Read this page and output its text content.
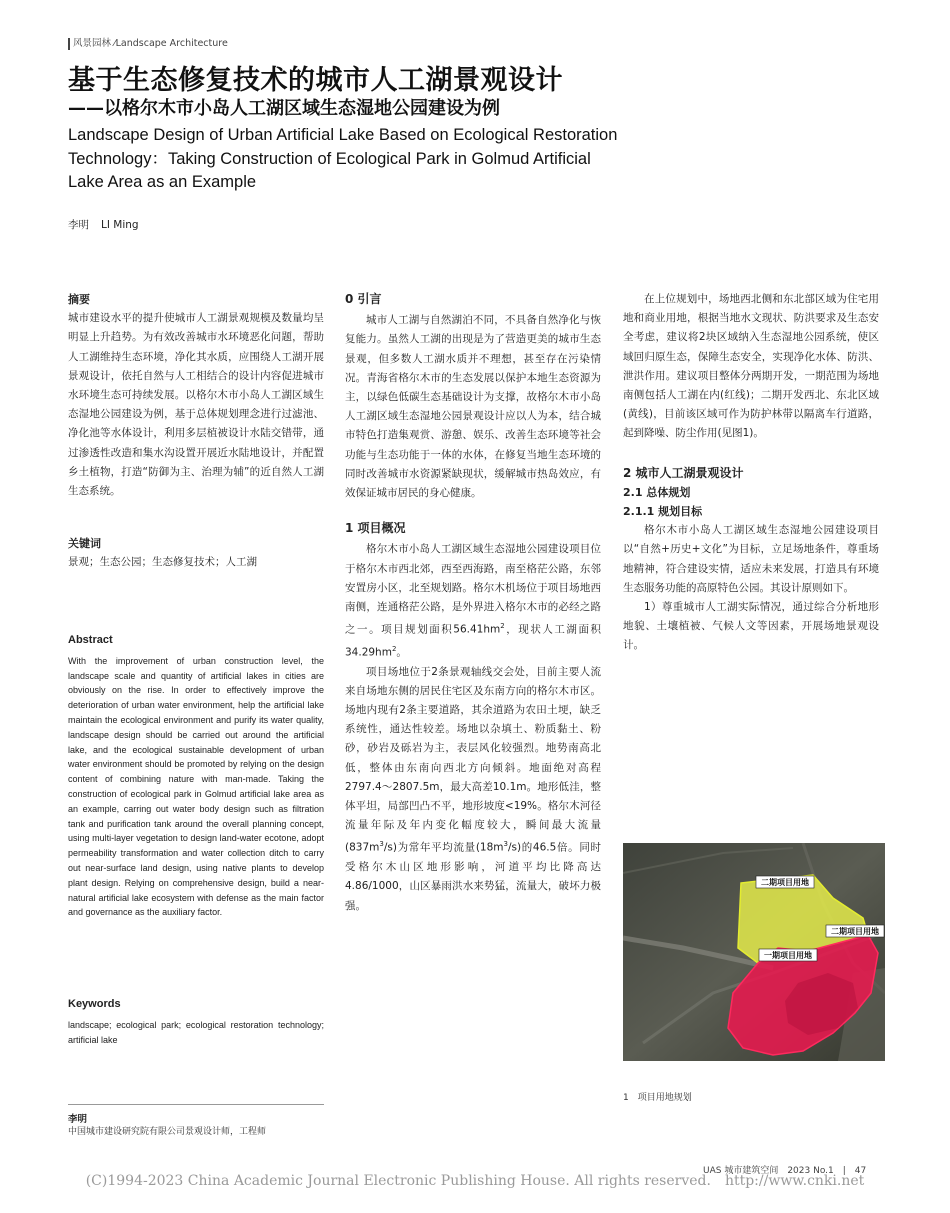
风景园林 ⁄Landscape Architecture
基于生态修复技术的城市人工湖景观设计
——以格尔木市小岛人工湖区域生态湿地公园建设为例
Landscape Design of Urban Artificial Lake Based on Ecological Restoration Technology：Taking Construction of Ecological Park in Golmud Artificial Lake Area as an Example
李明 LI Ming

摘要

城市建设水平的提升使城市人工湖景观规模及数量均呈明显上升趋势。为有效改善城市水环境恶化问题，帮助人工湖维持生态环境，净化其水质，应围绕人工湖开展景观设计，依托自然与人工相结合的设计内容促进城市水环境生态可持续发展。以格尔木市小岛人工湖区域生态湿地公园建设为例，基于总体规划理念进行过滤池、净化池等水体设计，利用多层植被设计水陆交错带，通过渗透性改造和集水沟设置开展近水陆地设计，并配置乡土植物，打造“防御为主、治理为辅”的近自然人工湖生态系统。

关键词

景观；生态公园；生态修复技术；人工湖

Abstract

With the improvement of urban construction level, the landscape scale and quantity of artificial lakes in cities are obviously on the rise. In order to effectively improve the deterioration of urban water environment, help the artificial lake maintain the ecological environment and purify its water quality, landscape design should be carried out around the artificial lake, and the ecological sustainable development of urban water environment should be promoted by relying on the design content of combining nature with man-made. Taking the construction of ecological park in Golmud artificial lake area as an example, carring out water body design such as filtration tank and purification tank around the overall planning concept, using multi-layer vegetation to design land-water ecotone, adopt permeability transformation and water collection ditch to carry out near-surface land design, using native plants to develop plant design. Relying on comprehensive design, build a near-natural artificial lake ecosystem with defense as the main factor and governance as the auxiliary factor.

Keywords

landscape; ecological park; ecological restoration technology; artificial lake

李明
中国城市建设研究院有限公司景观设计师，工程师

0 引言

城市人工湖与自然湖泊不同，不具备自然净化与恢复能力。虽然人工湖的出现是为了营造更美的城市生态景观，但多数人工湖水质并不理想，甚至存在污染情况。青海省格尔木市的生态发展以保护本地生态资源为主，以绿色低碳生态基础设计为支撑，故格尔木市小岛人工湖区域生态湿地公园景观设计应以人为本，结合城市特色打造集观赏、游憩、娱乐、改善生态环境等社会功能与生态功能于一体的水体，在修复当地生态环境的同时改善城市水资源紧缺现状，缓解城市热岛效应，有效保证城市居民的身心健康。

1 项目概况

格尔木市小岛人工湖区域生态湿地公园建设项目位于格尔木市西北郊，西至西海路，南至格茫公路，东邻安置房小区，北至规划路。格尔木机场位于项目场地西南侧，连通格茫公路，是外界进入格尔木市的必经之路之一。项目规划面积$56.41hm^2$，现状人工湖面积$34.29hm^2$。

项目场地位于2条景观轴线交会处，目前主要人流来自场地东侧的居民住宅区及东南方向的格尔木市区。场地内现有2条主要道路，其余道路为农田土埂，缺乏系统性，通达性较差。场地以杂填土、粉质黏土、粉砂，砂岩及砾岩为主，表层风化较强烈。地势南高北低，整体由东南向西北方向倾斜。地面绝对高程2797.4～2807.5m，最大高差10.1m。地形低洼，整体平坦，局部凹凸不平，地形坡度<19%。格尔木河径流量年际及年内变化幅度较大，瞬间最大流量$(837m^3/s)$为常年平均流量$(18m^3/s)$的46.5倍。同时受格尔木山区地形影响，河道平均比降高达4.86/1000，山区暴雨洪水来势猛，流量大，破坏力极强。

在上位规划中，场地西北侧和东北部区域为住宅用地和商业用地，根据当地水文现状、防洪要求及生态安全考虑，建议将2块区域纳入生态湿地公园系统，使区域回归原生态，保障生态安全，实现净化水体、防洪、泄洪作用。建议项目整体分两期开发，一期范围为场地南侧包括人工湖在内(红线)；二期开发西北、东北区域(黄线)，目前该区域可作为防护林带以隔离车行道路，起到降噪、防尘作用(见图1)。

2 城市人工湖景观设计

2.1 总体规划

2.1.1 规划目标

格尔木市小岛人工湖区域生态湿地公园建设项目以“自然+历史+文化”为目标，立足场地条件，尊重场地精神，符合建设实情，适应未来发展，打造具有环境生态服务功能的高原特色公园。其设计原则如下。

1）尊重城市人工湖实际情况，通过综合分析地形地貌、土壤植被、气候人文等因素，开展场地景观设计。

二期项目用地
二期项目用地
一期项目用地
1　项目用地规划
UAS 城市建筑空间　2023 No.1　|　47
(C)1994-2023 China Academic Journal Electronic Publishing House. All rights reserved.　http://www.cnki.net
